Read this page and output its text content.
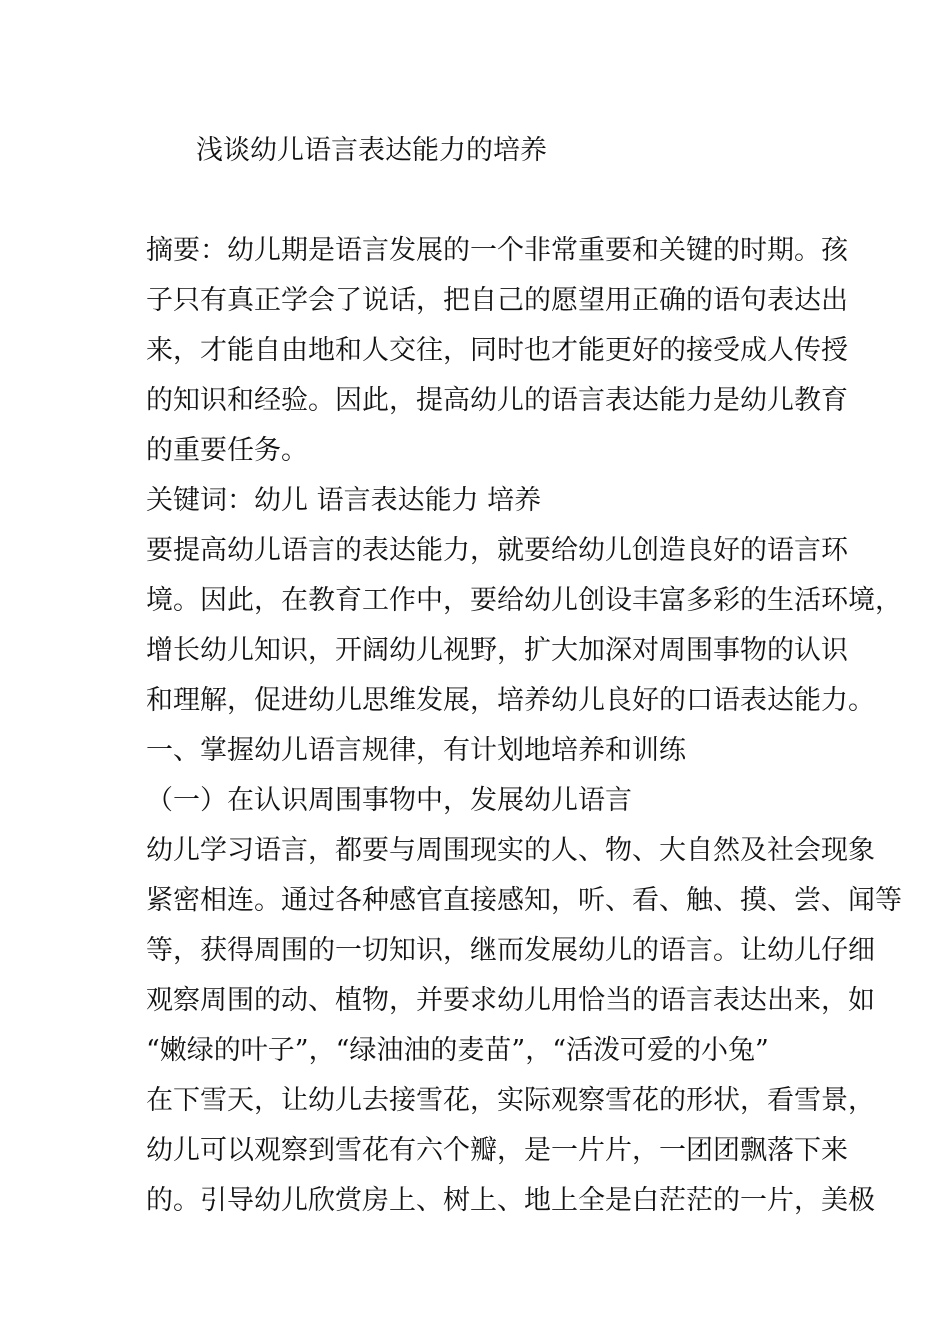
浅谈幼儿语言表达能力的培养
摘要：幼儿期是语言发展的一个非常重要和关键的时期。孩
子只有真正学会了说话，把自己的愿望用正确的语句表达出
来，才能自由地和人交往，同时也才能更好的接受成人传授
的知识和经验。因此，提高幼儿的语言表达能力是幼儿教育
的重要任务。
关键词：幼儿 语言表达能力 培养
要提高幼儿语言的表达能力，就要给幼儿创造良好的语言环
境。因此，在教育工作中，要给幼儿创设丰富多彩的生活环境，
增长幼儿知识，开阔幼儿视野，扩大加深对周围事物的认识
和理解，促进幼儿思维发展，培养幼儿良好的口语表达能力。
一、掌握幼儿语言规律，有计划地培养和训练
（一）在认识周围事物中，发展幼儿语言
幼儿学习语言，都要与周围现实的人、物、大自然及社会现象
紧密相连。通过各种感官直接感知，听、看、触、摸、尝、闻等
等，获得周围的一切知识，继而发展幼儿的语言。让幼儿仔细
观察周围的动、植物，并要求幼儿用恰当的语言表达出来，如
“嫩绿的叶子”，“绿油油的麦苗”，“活泼可爱的小兔”
在下雪天，让幼儿去接雪花，实际观察雪花的形状，看雪景，
幼儿可以观察到雪花有六个瓣，是一片片，一团团飘落下来
的。引导幼儿欣赏房上、树上、地上全是白茫茫的一片，美极
